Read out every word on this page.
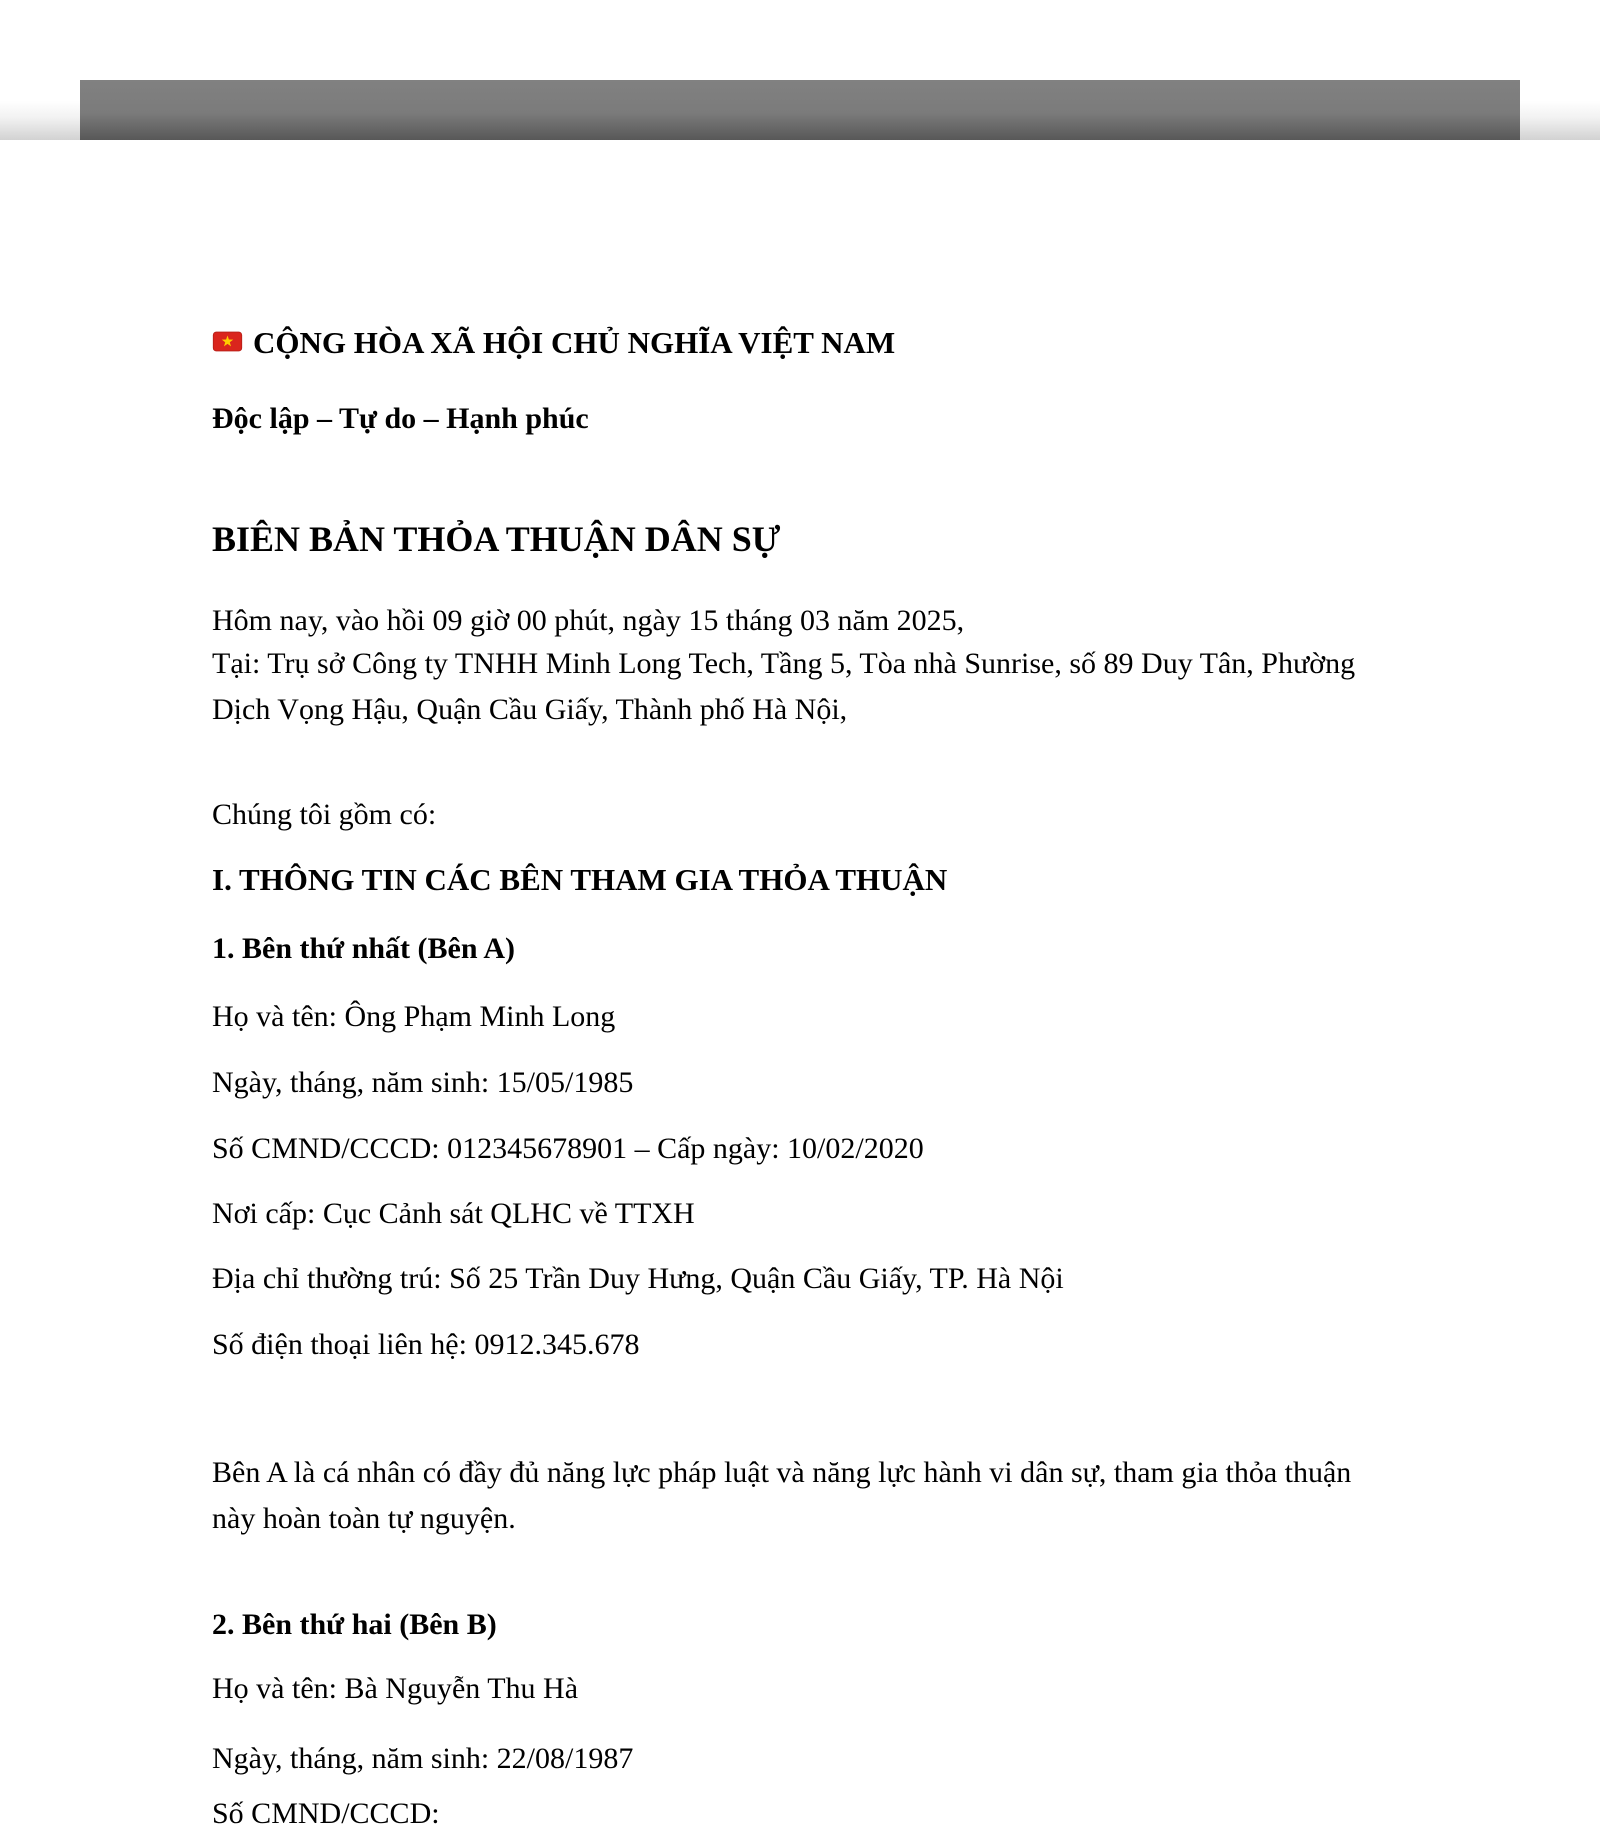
CỘNG HÒA XÃ HỘI CHỦ NGHĨA VIỆT NAM
Độc lập – Tự do – Hạnh phúc
BIÊN BẢN THỎA THUẬN DÂN SỰ
Hôm nay, vào hồi 09 giờ 00 phút, ngày 15 tháng 03 năm 2025,
Tại: Trụ sở Công ty TNHH Minh Long Tech, Tầng 5, Tòa nhà Sunrise, số 89 Duy Tân, Phường Dịch Vọng Hậu, Quận Cầu Giấy, Thành phố Hà Nội,
Chúng tôi gồm có:
I. THÔNG TIN CÁC BÊN THAM GIA THỎA THUẬN
1. Bên thứ nhất (Bên A)
Họ và tên: Ông Phạm Minh Long
Ngày, tháng, năm sinh: 15/05/1985
Số CMND/CCCD: 012345678901 – Cấp ngày: 10/02/2020
Nơi cấp: Cục Cảnh sát QLHC về TTXH
Địa chỉ thường trú: Số 25 Trần Duy Hưng, Quận Cầu Giấy, TP. Hà Nội
Số điện thoại liên hệ: 0912.345.678
Bên A là cá nhân có đầy đủ năng lực pháp luật và năng lực hành vi dân sự, tham gia thỏa thuận này hoàn toàn tự nguyện.
2. Bên thứ hai (Bên B)
Họ và tên: Bà Nguyễn Thu Hà
Ngày, tháng, năm sinh: 22/08/1987
Số CMND/CCCD:
